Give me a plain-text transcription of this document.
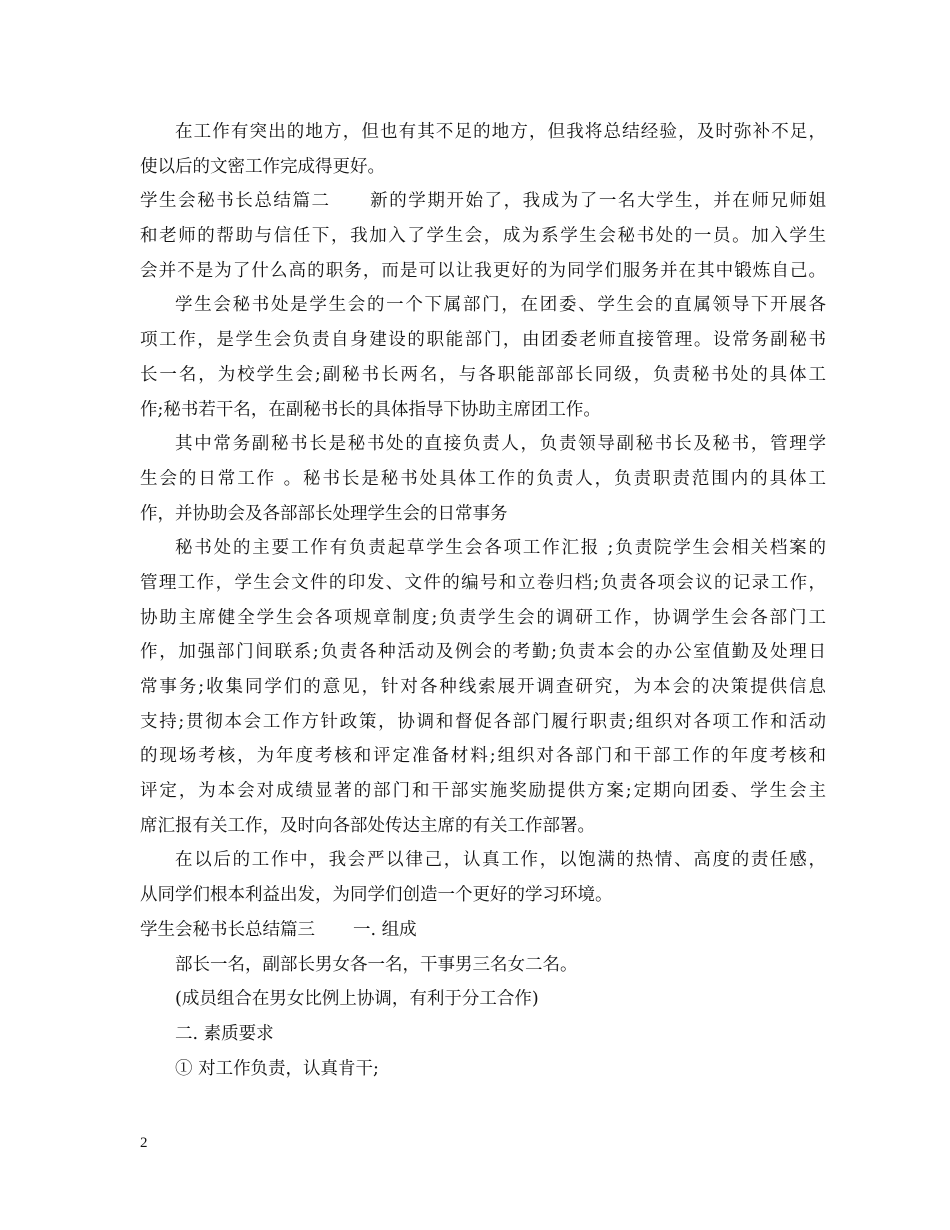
在工作有突出的地方，但也有其不足的地方，但我将总结经验，及时弥补不足，
使以后的文密工作完成得更好。
学生会秘书长总结篇二 新的学期开始了，我成为了一名大学生，并在师兄师姐
和老师的帮助与信任下，我加入了学生会，成为系学生会秘书处的一员。加入学生
会并不是为了什么高的职务，而是可以让我更好的为同学们服务并在其中锻炼自己。
学生会秘书处是学生会的一个下属部门，在团委、学生会的直属领导下开展各
项工作，是学生会负责自身建设的职能部门，由团委老师直接管理。设常务副秘书
长一名，为校学生会;副秘书长两名，与各职能部部长同级，负责秘书处的具体工
作;秘书若干名，在副秘书长的具体指导下协助主席团工作。
其中常务副秘书长是秘书处的直接负责人，负责领导副秘书长及秘书，管理学
生会的日常工作 。秘书长是秘书处具体工作的负责人，负责职责范围内的具体工
作，并协助会及各部部长处理学生会的日常事务
秘书处的主要工作有负责起草学生会各项工作汇报 ;负责院学生会相关档案的
管理工作，学生会文件的印发、文件的编号和立卷归档;负责各项会议的记录工作，
协助主席健全学生会各项规章制度;负责学生会的调研工作，协调学生会各部门工
作，加强部门间联系;负责各种活动及例会的考勤;负责本会的办公室值勤及处理日
常事务;收集同学们的意见，针对各种线索展开调查研究，为本会的决策提供信息
支持;贯彻本会工作方针政策，协调和督促各部门履行职责;组织对各项工作和活动
的现场考核，为年度考核和评定准备材料;组织对各部门和干部工作的年度考核和
评定，为本会对成绩显著的部门和干部实施奖励提供方案;定期向团委、学生会主
席汇报有关工作，及时向各部处传达主席的有关工作部署。
在以后的工作中，我会严以律己，认真工作，以饱满的热情、高度的责任感，
从同学们根本利益出发，为同学们创造一个更好的学习环境。
学生会秘书长总结篇三 一. 组成
部长一名，副部长男女各一名，干事男三名女二名。
(成员组合在男女比例上协调，有利于分工合作)
二. 素质要求
① 对工作负责，认真肯干;
2
